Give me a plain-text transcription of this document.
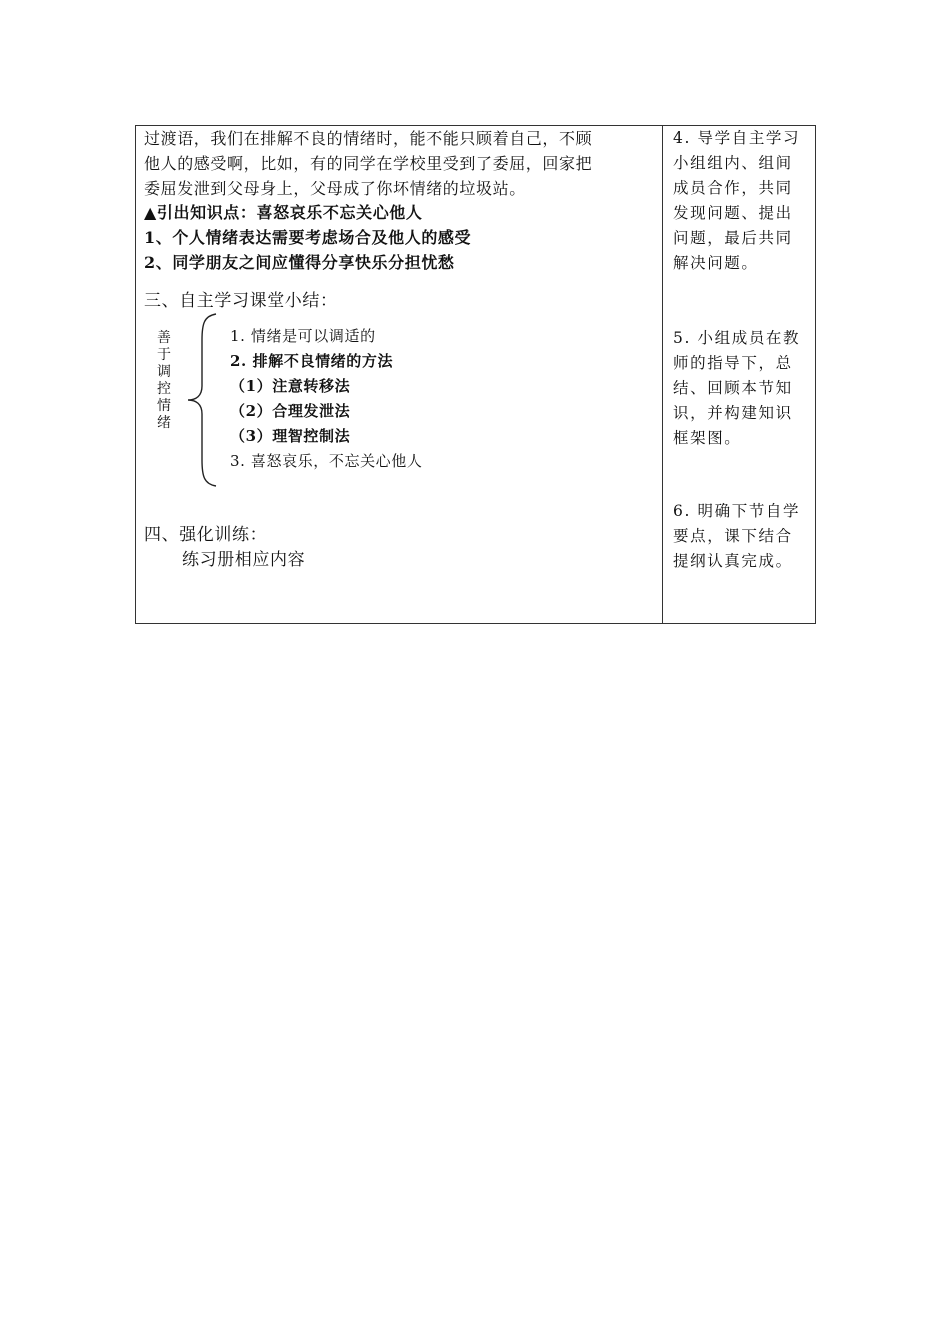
过渡语，我们在排解不良的情绪时，能不能只顾着自己，不顾
他人的感受啊，比如，有的同学在学校里受到了委屈，回家把
委屈发泄到父母身上，父母成了你坏情绪的垃圾站。
▲引出知识点：喜怒哀乐不忘关心他人
1、个人情绪表达需要考虑场合及他人的感受
2、同学朋友之间应懂得分享快乐分担忧愁
三、自主学习课堂小结：
善于调控情绪
1. 情绪是可以调适的
2. 排解不良情绪的方法
（1）注意转移法
（2）合理发泄法
（3）理智控制法
3. 喜怒哀乐，不忘关心他人
四、强化训练：
练习册相应内容
4. 导学自主学习
小组组内、组间
成员合作，共同
发现问题、提出
问题，最后共同
解决问题。
5. 小组成员在教
师的指导下，总
结、回顾本节知
识，并构建知识
框架图。
6. 明确下节自学
要点，课下结合
提纲认真完成。
